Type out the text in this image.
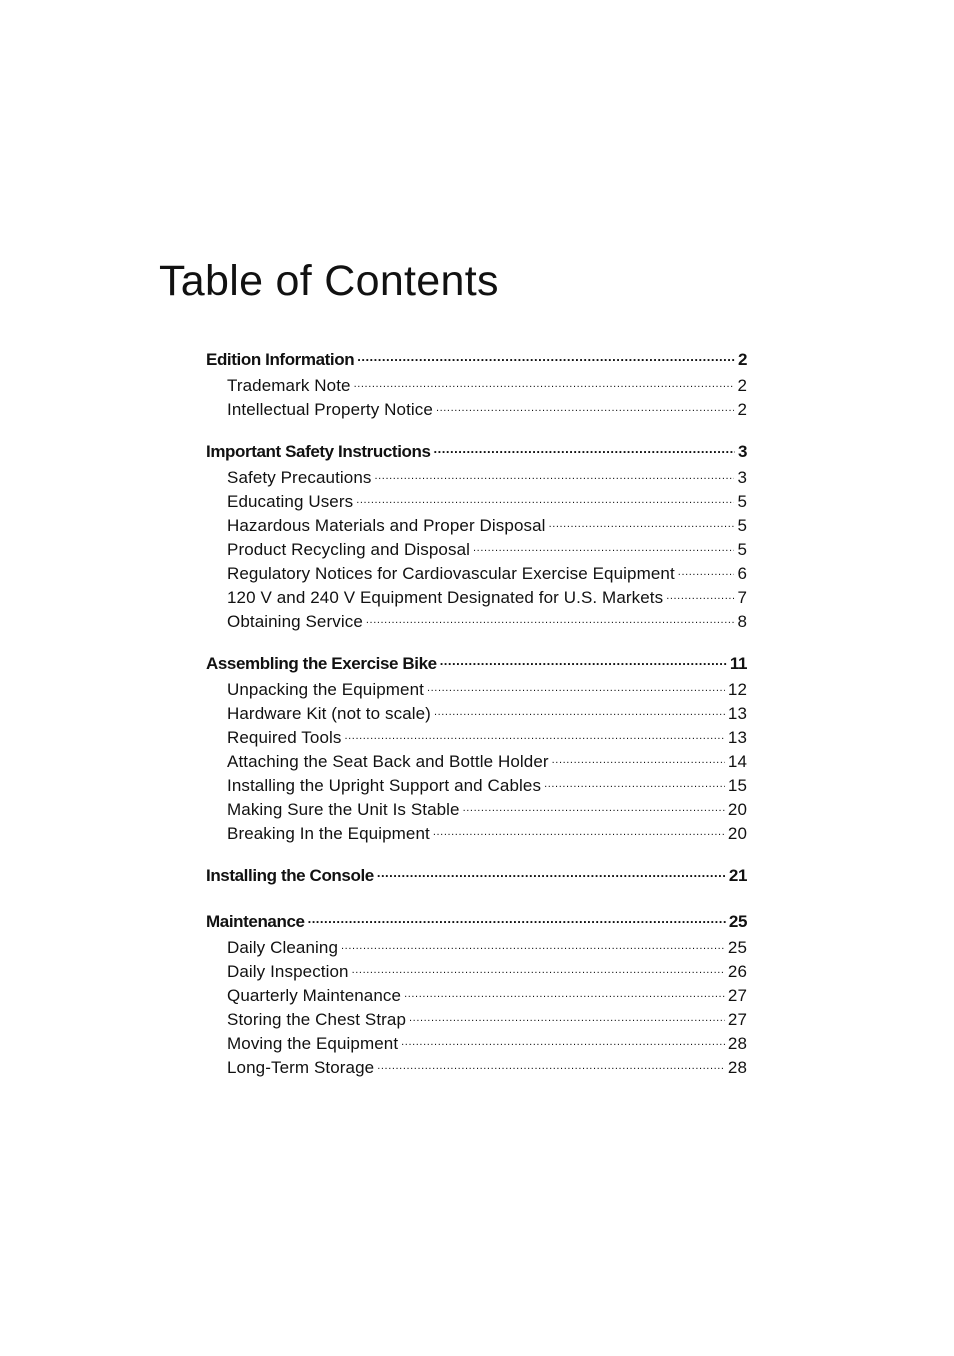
Table of Contents
Edition Information .....	2
Trademark Note .....	2
Intellectual Property Notice .....	2
Important Safety Instructions .....	3
Safety Precautions .....	3
Educating Users .....	5
Hazardous Materials and Proper Disposal .....	5
Product Recycling and Disposal .....	5
Regulatory Notices for Cardiovascular Exercise Equipment .....	6
120 V and 240 V Equipment Designated for U.S. Markets .....	7
Obtaining Service .....	8
Assembling the Exercise Bike .....	11
Unpacking the Equipment .....	12
Hardware Kit (not to scale) .....	13
Required Tools .....	13
Attaching the Seat Back and Bottle Holder .....	14
Installing the Upright Support and Cables .....	15
Making Sure the Unit Is Stable .....	20
Breaking In the Equipment .....	20
Installing the Console .....	21
Maintenance .....	25
Daily Cleaning .....	25
Daily Inspection .....	26
Quarterly Maintenance .....	27
Storing the Chest Strap .....	27
Moving the Equipment .....	28
Long-Term Storage .....	28
